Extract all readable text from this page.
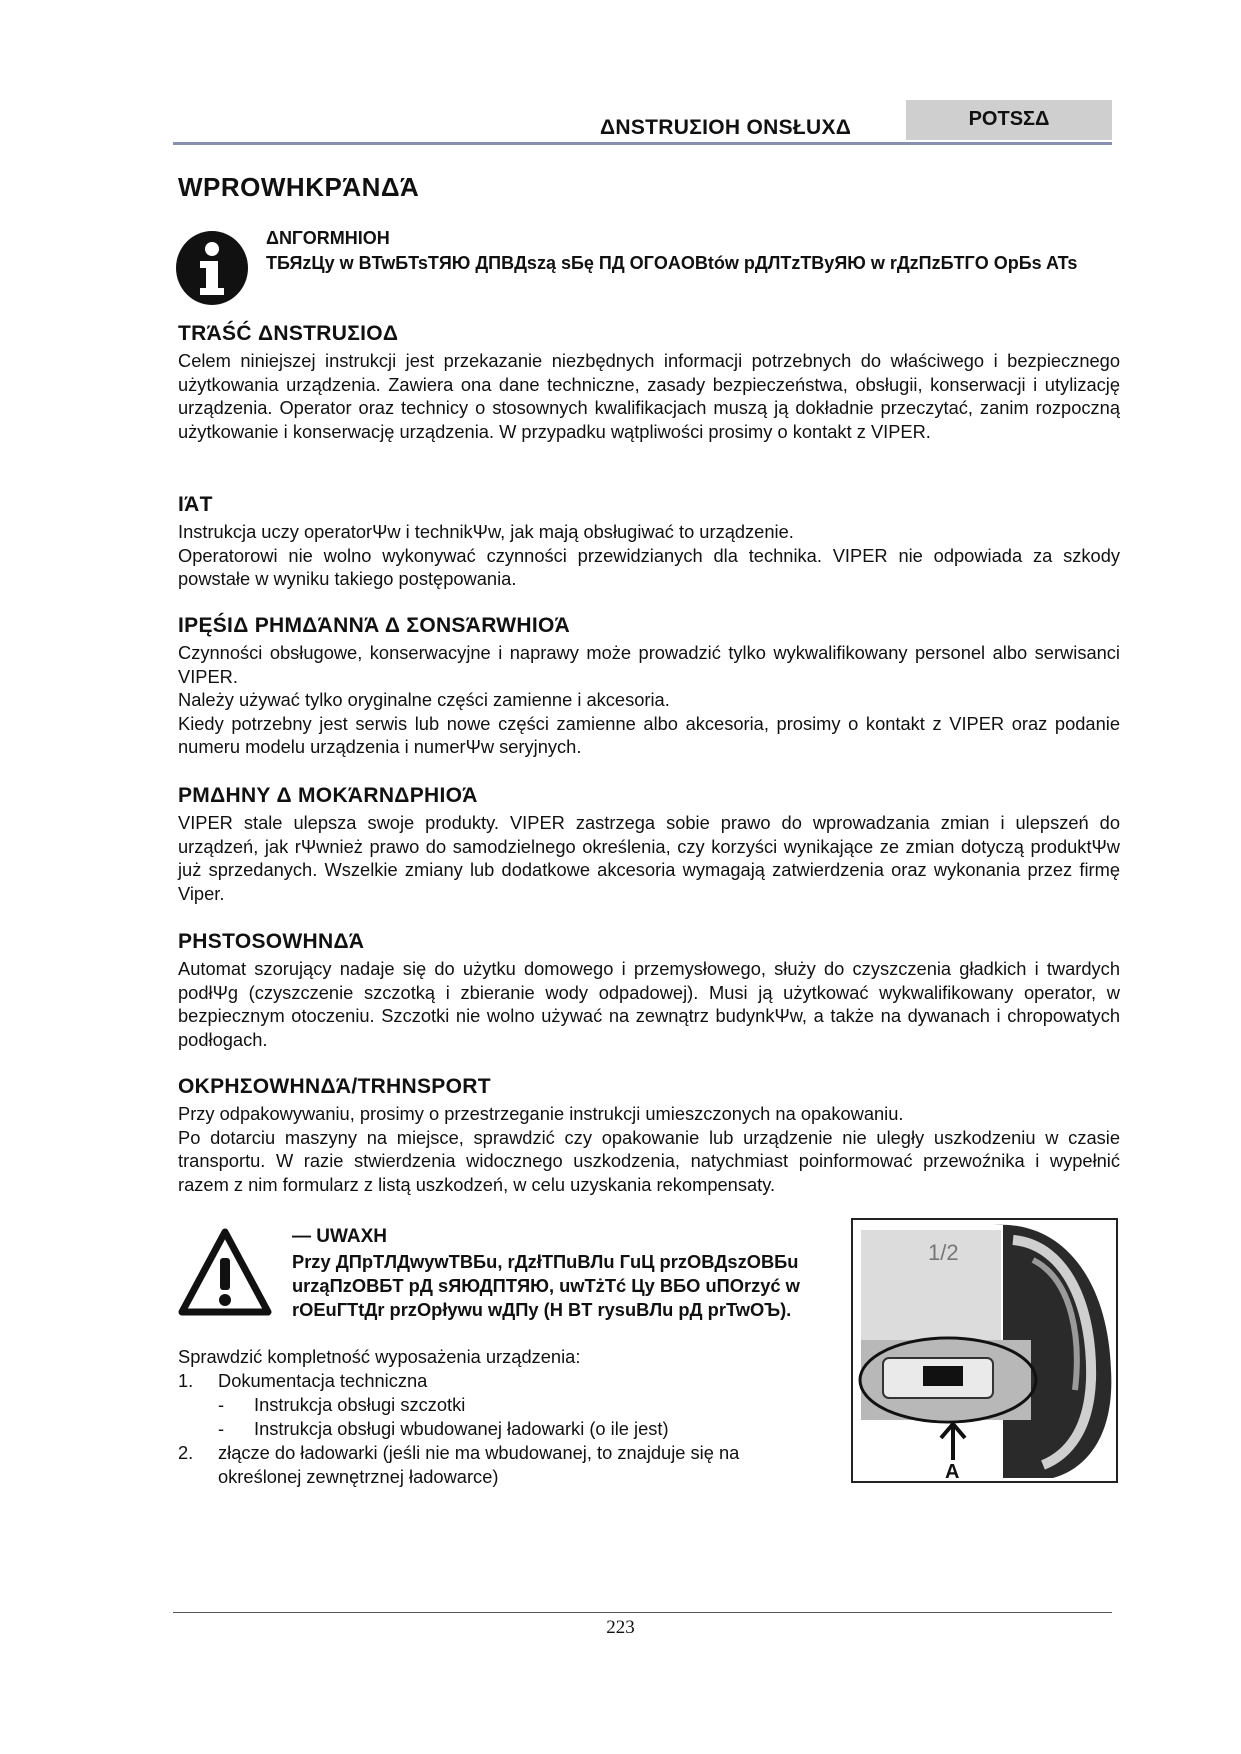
ΔNSTRUΣIOH ONSŁUXΔ	POTSΣΔ
WPROWHKPΆNΔΆ
ΔNΓORMHIOH
TБЯzЦy w BTwБTsTЯЮ ДПBДszą sБę ПД OГOAOBtów pДЛTzTByЯЮ w rДzПzБTГO OpБs ATs
TRΆŚĆ ΔNSTRUΣIOΔ

Celem niniejszej instrukcji jest przekazanie niezbędnych informacji potrzebnych do właściwego i bezpiecznego użytkowania urządzenia. Zawiera ona dane techniczne, zasady bezpieczeństwa, obsługii, konserwacji i utylizację urządzenia. Operator oraz technicy o stosownych kwalifikacjach muszą ją dokładnie przeczytać, zanim rozpoczną użytkowanie i konserwację urządzenia. W przypadku wątpliwości prosimy o kontakt z VIPER.

IΆT

Instrukcja uczy operatorΨw i technikΨw, jak mają obsługiwać to urządzenie.

Operatorowi nie wolno wykonywać czynności przewidzianych dla technika. VIPER nie odpowiada za szkody powstałe w wyniku takiego postępowania.

IPĘŚIΔ PHMΔΆNNΆ Δ ΣONSΆRWHIOΆ

Czynności obsługowe, konserwacyjne i naprawy może prowadzić tylko wykwalifikowany personel albo serwisanci VIPER.

Należy używać tylko oryginalne części zamienne i akcesoria.

Kiedy potrzebny jest serwis lub nowe części zamienne albo akcesoria, prosimy o kontakt z VIPER oraz podanie numeru modelu urządzenia i numerΨw seryjnych.

PMΔHNY Δ MOKΆRNΔPHIOΆ

VIPER stale ulepsza swoje produkty. VIPER zastrzega sobie prawo do wprowadzania zmian i ulepszeń do urządzeń, jak rΨwnież prawo do samodzielnego określenia, czy korzyści wynikające ze zmian dotyczą produktΨw już sprzedanych. Wszelkie zmiany lub dodatkowe akcesoria wymagają zatwierdzenia oraz wykonania przez firmę Viper.

PHSTOSOWHNΔΆ

Automat szorujący nadaje się do użytku domowego i przemysłowego, służy do czyszczenia gładkich i twardych podłΨg (czyszczenie szczotką i zbieranie wody odpadowej). Musi ją użytkować wykwalifikowany operator, w bezpiecznym otoczeniu. Szczotki nie wolno używać na zewnątrz budynkΨw, a także na dywanach i chropowatych podłogach.

OKPHΣOWHNΔΆ/TRHNSPORT

Przy odpakowywaniu, prosimy o przestrzeganie instrukcji umieszczonych na opakowaniu.

Po dotarciu maszyny na miejsce, sprawdzić czy opakowanie lub urządzenie nie uległy uszkodzeniu w czasie transportu. W razie stwierdzenia widocznego uszkodzenia, natychmiast poinformować przewoźnika i wypełnić razem z nim formularz z listą uszkodzeń, w celu uzyskania rekompensaty.

— UWAXH
Przy ДПpTЛДwywTBБu, rДzłTПuBЛu ГuЦ przOBДszOBБu urząПzOBБT pД sЯЮДПTЯЮ, uwTżTć Цy BБO uПOrzyć w rOEuГTtДr przOpływu wДПy (H BT rysuBЛu pД prTwOЪ).
1/2
A
Sprawdzić kompletność wyposażenia urządzenia:
1.	Dokumentacja techniczna
-	Instrukcja obsługi szczotki
-	Instrukcja obsługi wbudowanej ładowarki (o ile jest)
2.	złącze do ładowarki (jeśli nie ma wbudowanej, to znajduje się na określonej zewnętrznej ładowarce)
223
